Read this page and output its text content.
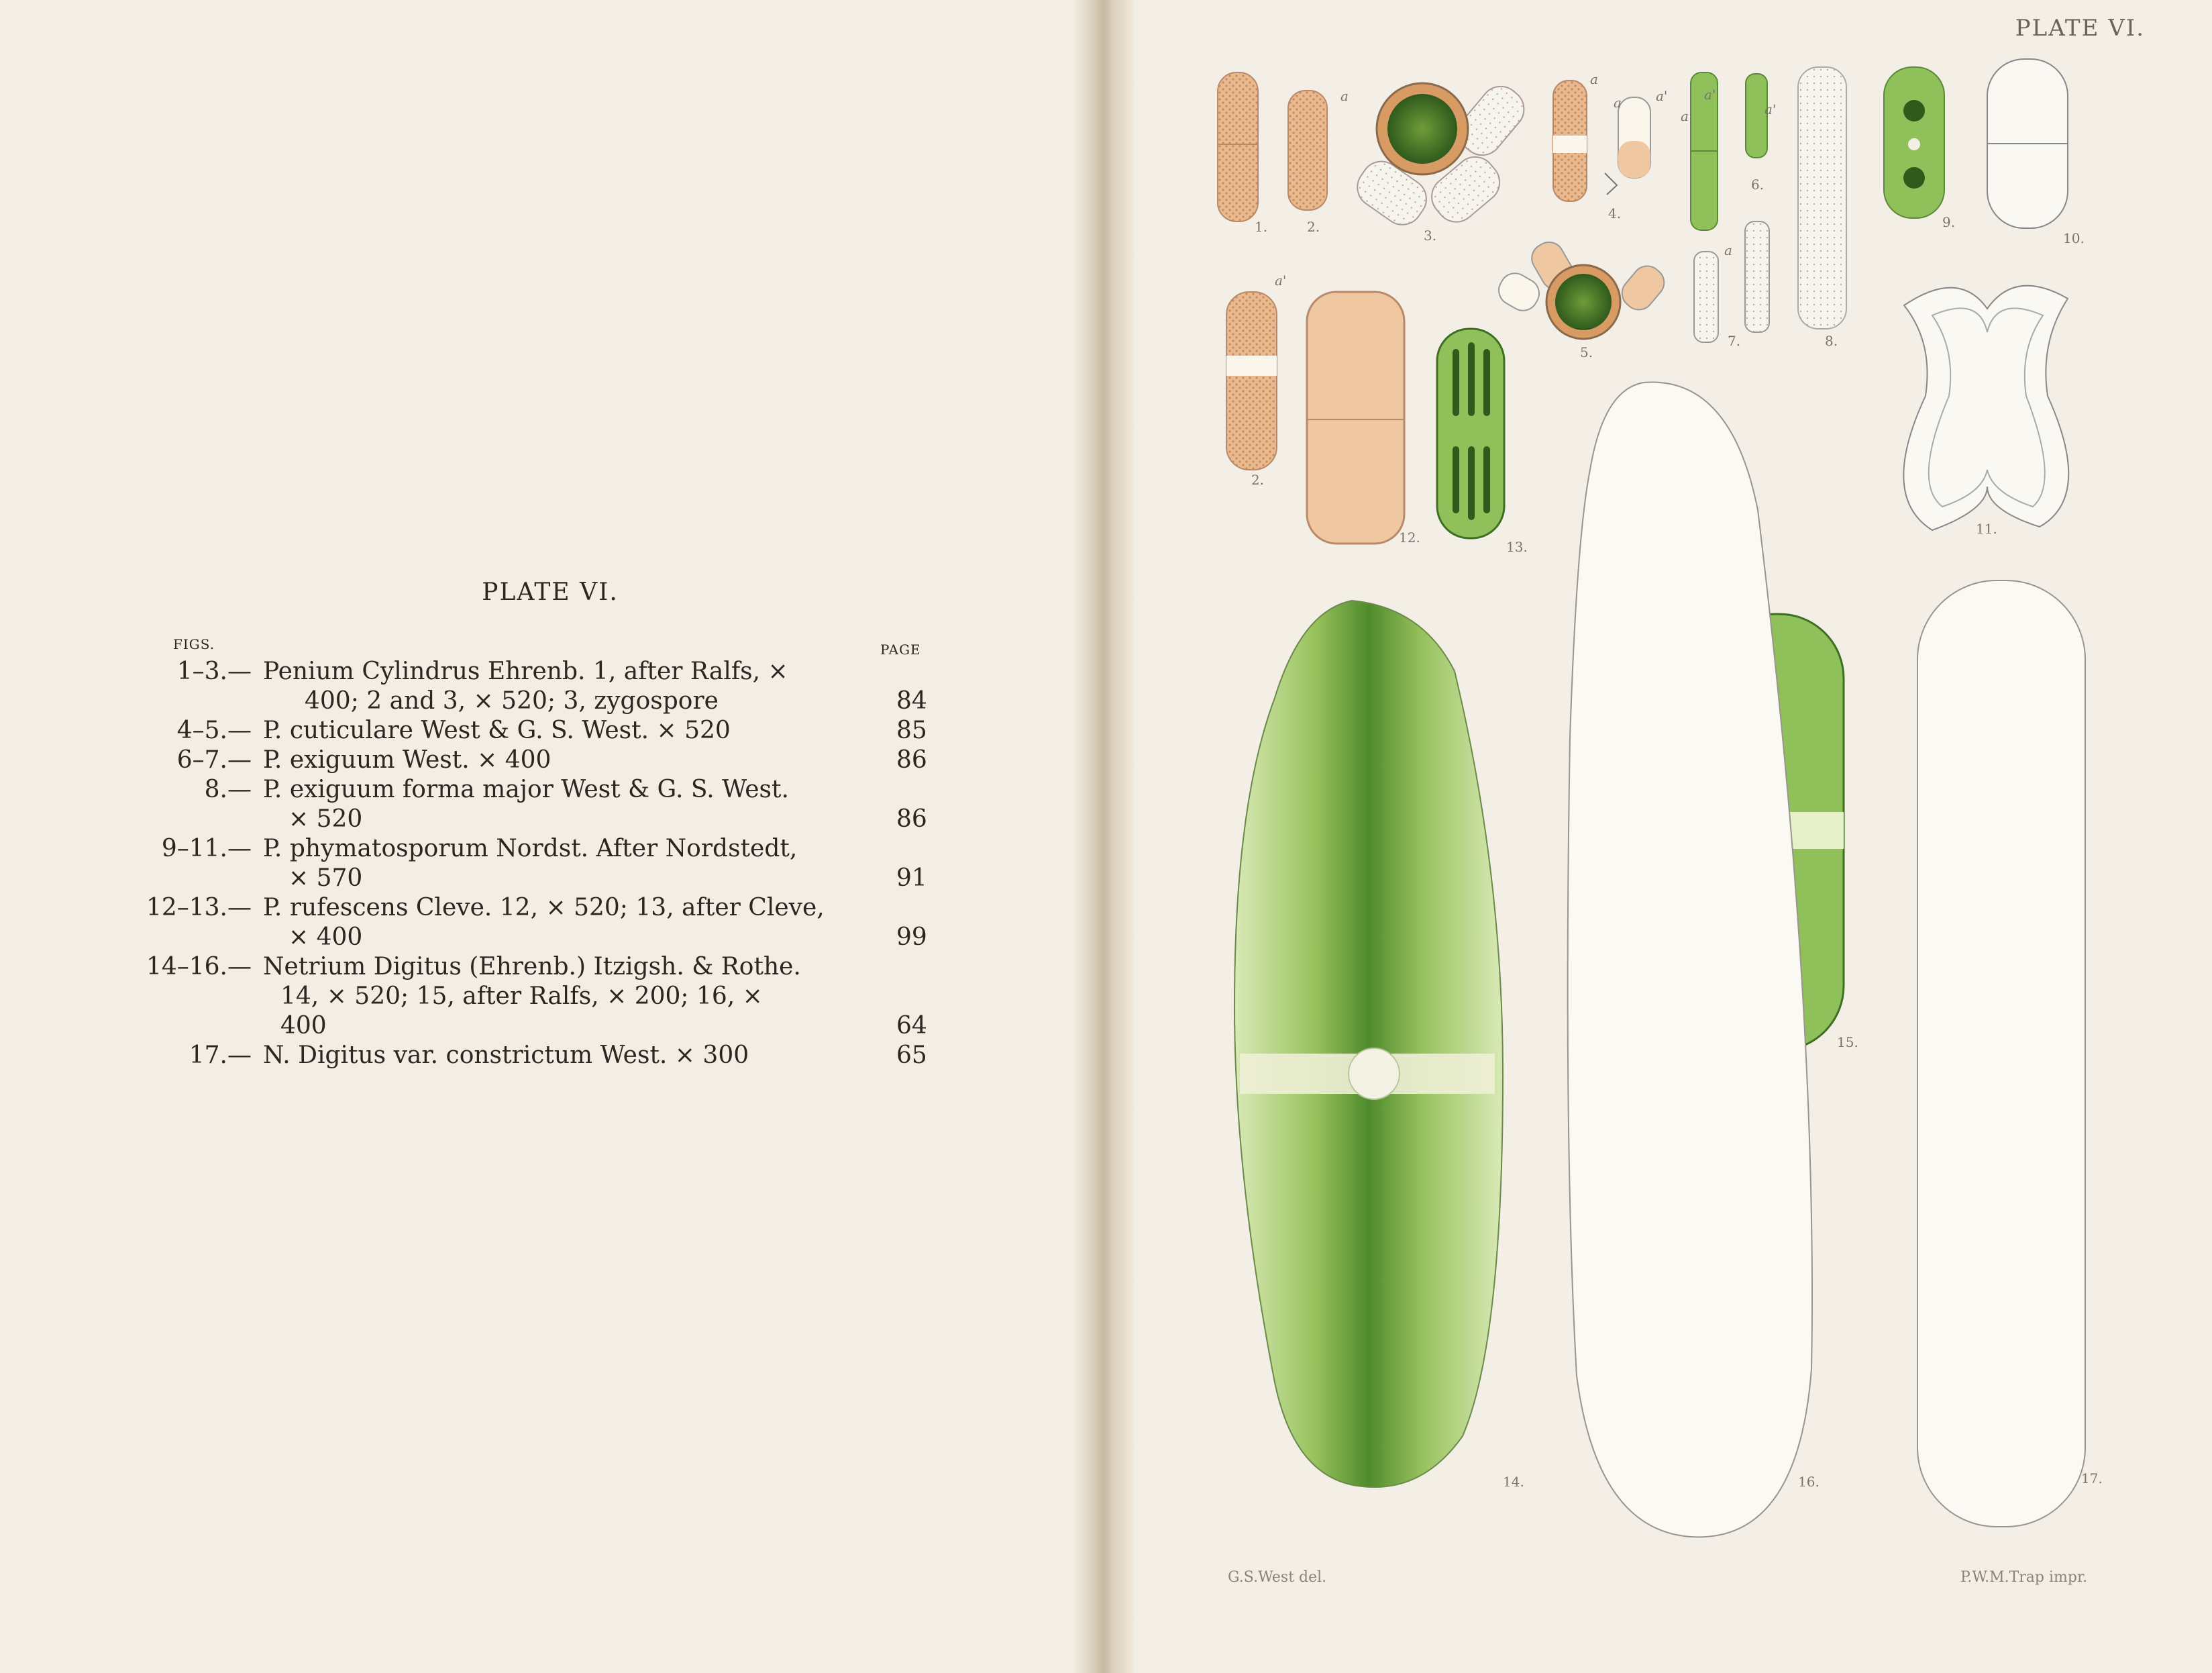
PLATE VI.
FIGS.	PAGE
1–3.— Penium Cylindrus Ehrenb. 1, after Ralfs, ×
400; 2 and 3, × 520; 3, zygospore	84
4–5.— P. cuticulare West & G. S. West. × 520	85
6–7.— P. exiguum West. × 400	86
8.— P. exiguum forma major West & G. S. West.
× 520	86
9–11.— P. phymatosporum Nordst. After Nordstedt,
× 570	91
12–13.— P. rufescens Cleve. 12, × 520; 13, after Cleve,
× 400	99
14–16.— Netrium Digitus (Ehrenb.) Itzigsh. & Rothe.
14, × 520; 15, after Ralfs, × 200; 16, ×
400	64
17.— N. Digitus var. constrictum West. × 300	65
PLATE VI.
G.S.West del.	P.W.M.Trap impr.
1.	2.
3.
4.
5.
6.
7.	8.
9.
10.
2.
12.
13.
11.
14.
15.
16.	17.
a
a
a	a'
a	a'
a'
a
a'
